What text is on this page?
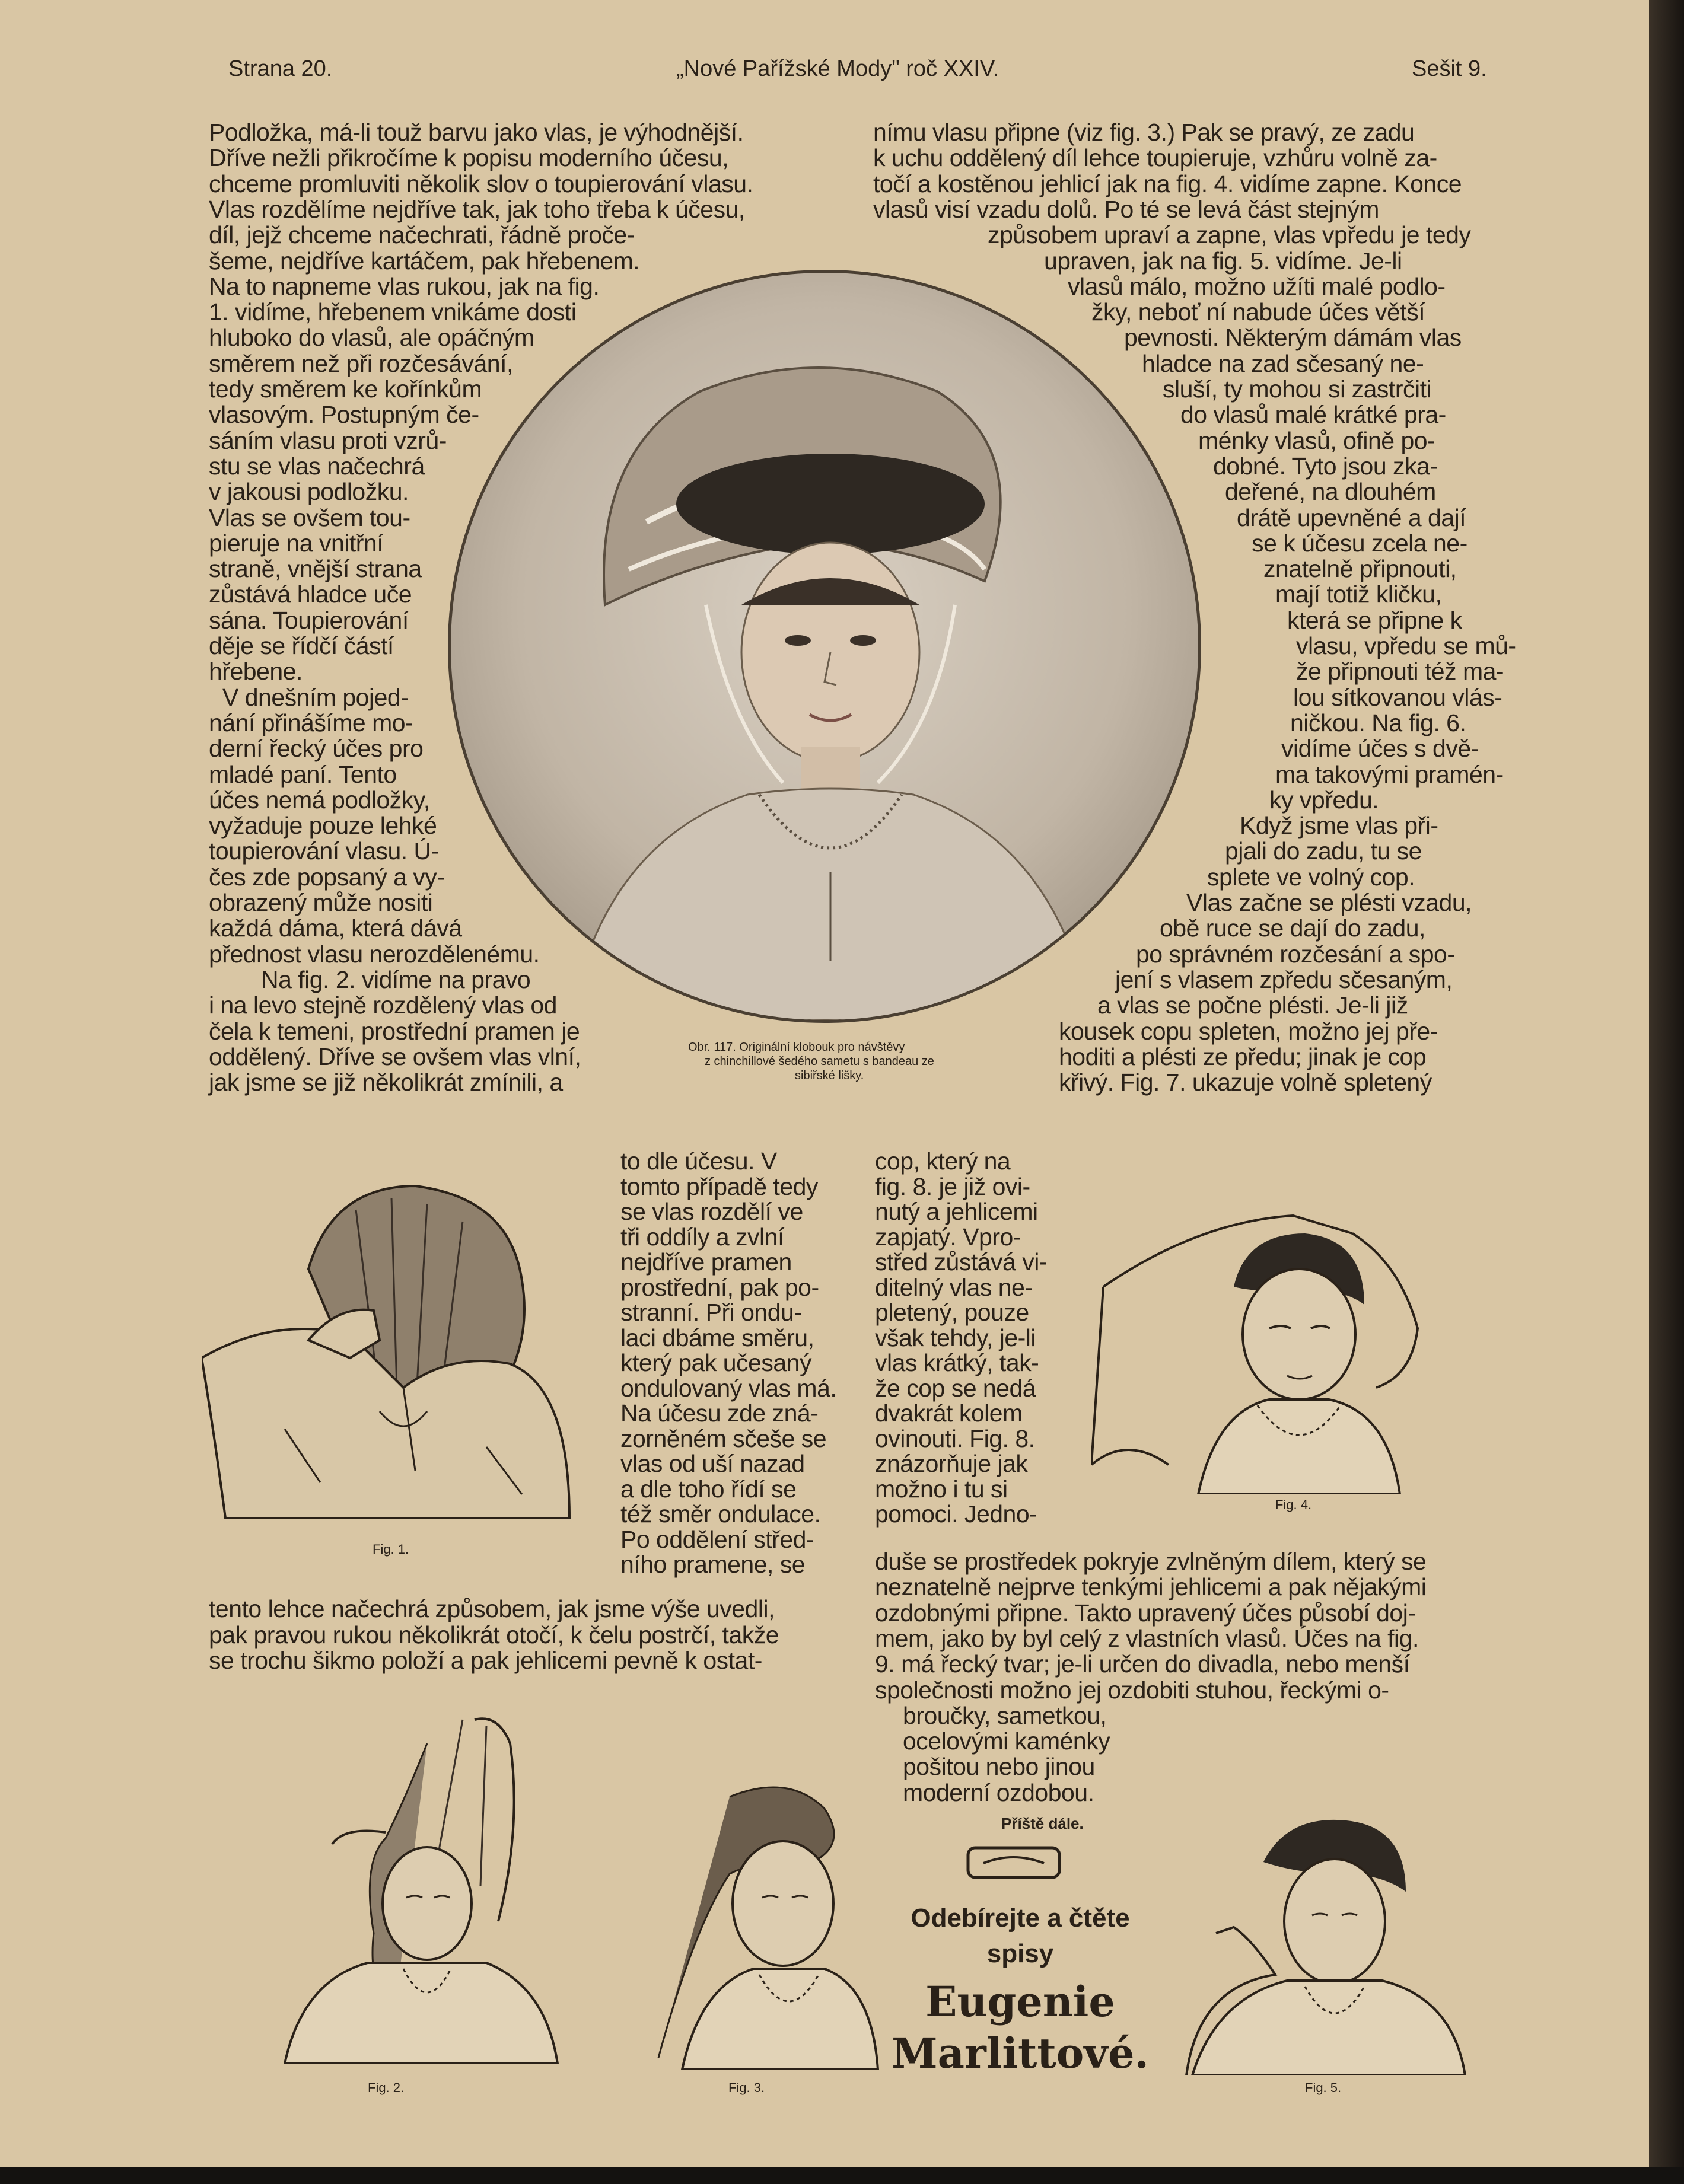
Strana 20.	„Nové Pařížské Mody" roč XXIV.	Sešit 9.
Podložka, má-li touž barvu jako vlas, je výhodnější.
Dříve nežli přikročíme k popisu moderního účesu,
chceme promluviti několik slov o toupierování vlasu.
Vlas rozdělíme nejdříve tak, jak toho třeba k účesu,
díl, jejž chceme načechrati, řádně proče-
šeme, nejdříve kartáčem, pak hřebenem.
Na to napneme vlas rukou, jak na fig.
1. vidíme, hřebenem vnikáme dosti
hluboko do vlasů, ale opáčným
směrem než při rozčesávání,
tedy směrem ke kořínkům
vlasovým. Postupným če-
sáním vlasu proti vzrů-
stu se vlas načechrá
v jakousi podložku.
Vlas se ovšem tou-
pieruje na vnitřní
straně, vnější strana
zůstává hladce uče
sána. Toupierování
děje se řídčí částí
hřebene.
V dnešním pojed-
nání přinášíme mo-
derní řecký účes pro
mladé paní. Tento
účes nemá podložky,
vyžaduje pouze lehké
toupierování vlasu. Ú-
čes zde popsaný a vy-
obrazený může nositi
každá dáma, která dává
přednost vlasu nerozdělenému.
Na fig. 2. vidíme na pravo
i na levo stejně rozdělený vlas od
čela k temeni, prostřední pramen je
oddělený. Dříve se ovšem vlas vlní,
jak jsme se již několikrát zmínili, a
nímu vlasu připne (viz fig. 3.) Pak se pravý, ze zadu
k uchu oddělený díl lehce toupieruje, vzhůru volně za-
točí a kostěnou jehlicí jak na fig. 4. vidíme zapne. Konce
vlasů visí vzadu dolů. Po té se levá část stejným
způsobem upraví a zapne, vlas vpředu je tedy
upraven, jak na fig. 5. vidíme. Je-li
vlasů málo, možno užíti malé podlo-
žky, neboť ní nabude účes větší
pevnosti. Některým dámám vlas
hladce na zad sčesaný ne-
sluší, ty mohou si zastrčiti
do vlasů malé krátké pra-
ménky vlasů, ofině po-
dobné. Tyto jsou zka-
deřené, na dlouhém
drátě upevněné a dají
se k účesu zcela ne-
znatelně připnouti,
mají totiž kličku,
která se připne k
vlasu, vpředu se mů-
že připnouti též ma-
lou sítkovanou vlás-
ničkou. Na fig. 6.
vidíme účes s dvě-
ma takovými pramén-
ky vpředu.
Když jsme vlas při-
pjali do zadu, tu se
splete ve volný cop.
Vlas začne se plésti vzadu,
obě ruce se dají do zadu,
po správném rozčesání a spo-
jení s vlasem zpředu sčesaným,
a vlas se počne plésti. Je-li již
kousek copu spleten, možno jej pře-
hoditi a plésti ze předu; jinak je cop
křivý. Fig. 7. ukazuje volně spletený
to dle účesu. V
tomto případě tedy
se vlas rozdělí ve
tři oddíly a zvlní
nejdříve pramen
prostřední, pak po-
stranní. Při ondu-
laci dbáme směru,
který pak učesaný
ondulovaný vlas má.
Na účesu zde zná-
zorněném sčeše se
vlas od uší nazad
a dle toho řídí se
též směr ondulace.
Po oddělení střed-
ního pramene, se
cop, který na
fig. 8. je již ovi-
nutý a jehlicemi
zapjatý. Vpro-
střed zůstává vi-
ditelný vlas ne-
pletený, pouze
však tehdy, je-li
vlas krátký, tak-
že cop se nedá
dvakrát kolem
ovinouti. Fig. 8.
znázorňuje jak
možno i tu si
pomoci. Jedno-
tento lehce načechrá způsobem, jak jsme výše uvedli,
pak pravou rukou několikrát otočí, k čelu postrčí, takže
se trochu šikmo položí a pak jehlicemi pevně k ostat-
duše se prostředek pokryje zvlněným dílem, který se
neznatelně nejprve tenkými jehlicemi a pak nějakými
ozdobnými připne. Takto upravený účes působí doj-
mem, jako by byl celý z vlastních vlasů. Účes na fig.
9. má řecký tvar; je-li určen do divadla, nebo menší
společnosti možno jej ozdobiti stuhou, řeckými o-
broučky, sametkou,
ocelovými kaménky
pošitou nebo jinou
moderní ozdobou.
Obr. 117. Originální klobouk pro návštěvy
z chinchillové šedého sametu s bandeau ze
sibiřské lišky.
Fig. 1.
Fig. 4.
Fig. 2.	Fig. 3.	Fig. 5.
Příště dále.
Odebírejte a čtěte
spisy
Eugenie
Marlittové.
